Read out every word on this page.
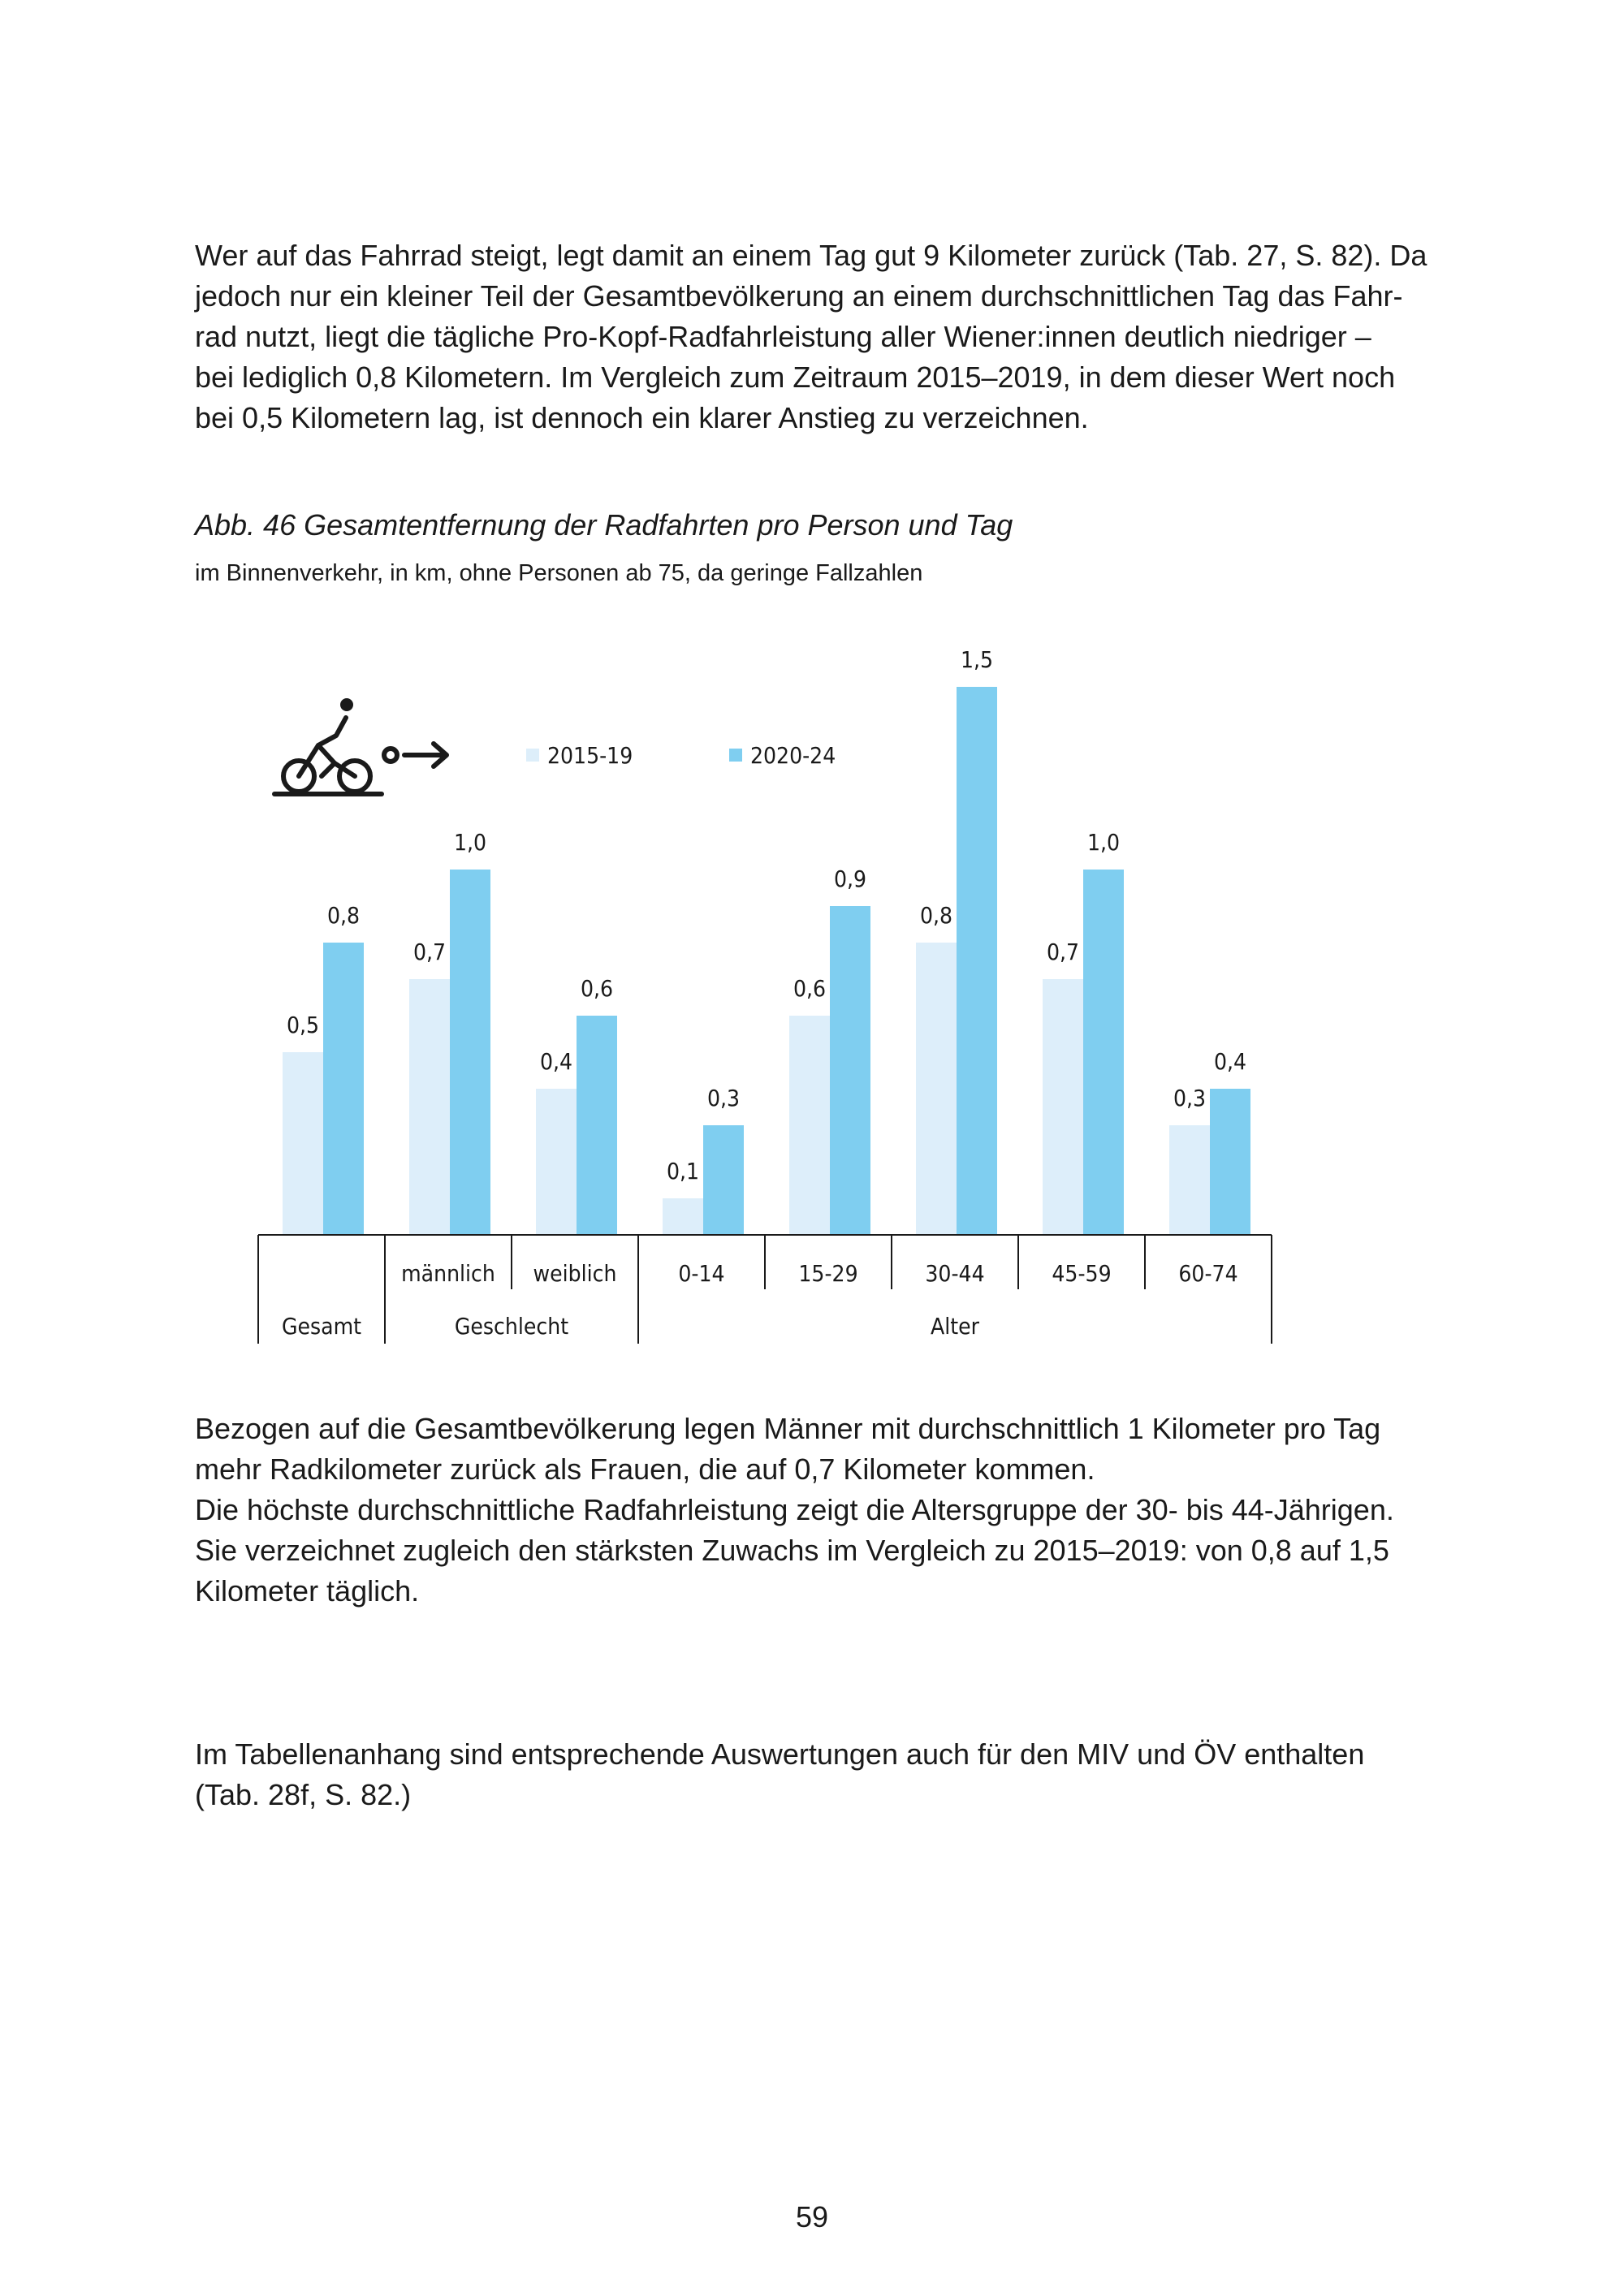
Wer auf das Fahrrad steigt, legt damit an einem Tag gut 9 Kilometer zurück (Tab. 27, S. 82). Da
jedoch nur ein kleiner Teil der Gesamtbevölkerung an einem durchschnittlichen Tag das Fahr-
rad nutzt, liegt die tägliche Pro-Kopf-Radfahrleistung aller Wiener:innen deutlich niedriger –
bei lediglich 0,8 Kilometern. Im Vergleich zum Zeitraum 2015–2019, in dem dieser Wert noch
bei 0,5 Kilometern lag, ist dennoch ein klarer Anstieg zu verzeichnen.

Abb. 46 Gesamtentfernung der Radfahrten pro Person und Tag

im Binnenverkehr, in km, ohne Personen ab 75, da geringe Fallzahlen

2015-19	2020-24
0,5
0,7
0,4
0,1
0,6
0,8
0,7
0,3
0,8
1,0
0,6
0,3
0,9
1,5
1,0
0,4
männlich weiblich	0-14	15-29	30-44	45-59	60-74
Gesamt	Geschlecht	Alter
Bezogen auf die Gesamtbevölkerung legen Männer mit durchschnittlich 1 Kilometer pro Tag
mehr Radkilometer zurück als Frauen, die auf 0,7 Kilometer kommen.
Die höchste durchschnittliche Radfahrleistung zeigt die Altersgruppe der 30- bis 44-Jährigen.
Sie verzeichnet zugleich den stärksten Zuwachs im Vergleich zu 2015–2019: von 0,8 auf 1,5
Kilometer täglich.
Im Tabellenanhang sind entsprechende Auswertungen auch für den MIV und ÖV enthalten
(Tab. 28f, S. 82.)
59
